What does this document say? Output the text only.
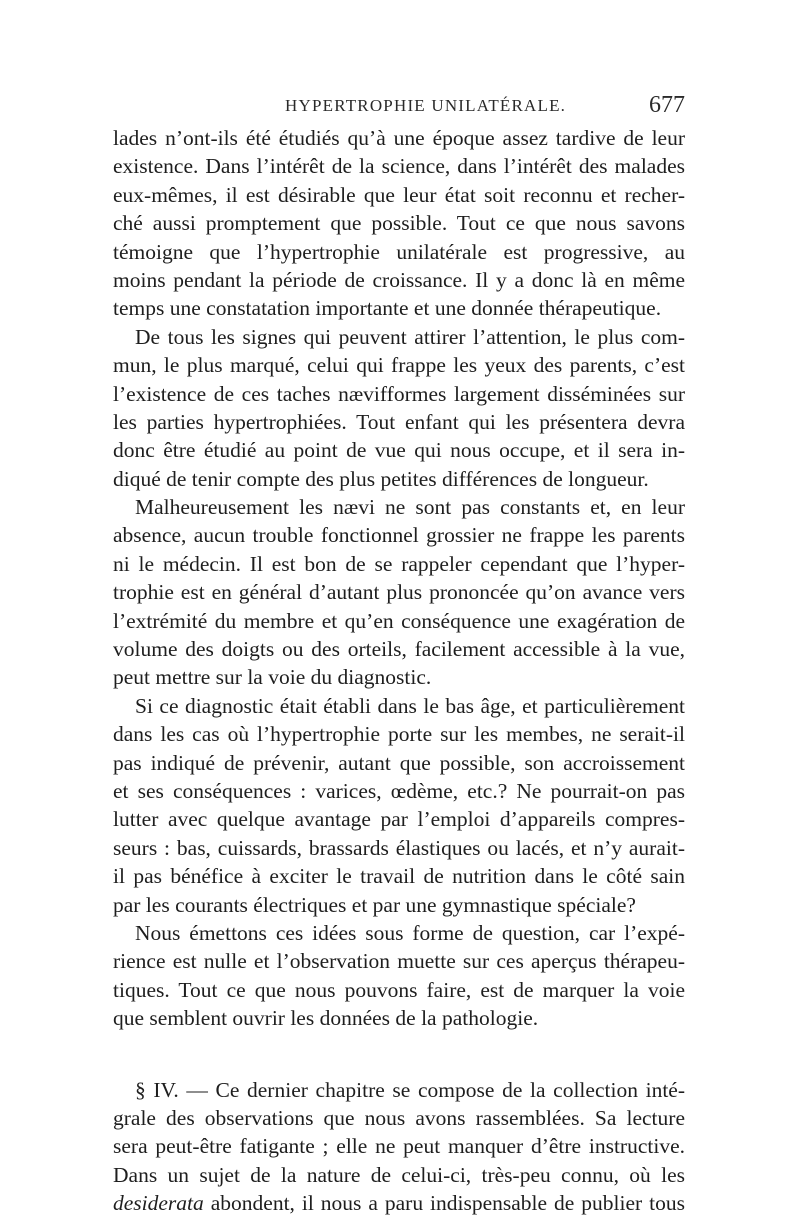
HYPERTROPHIE UNILATÉRALE.	677
lades n’ont-ils été étudiés qu’à une époque assez tardive de leur
existence. Dans l’intérêt de la science, dans l’intérêt des malades
eux-mêmes, il est désirable que leur état soit reconnu et recher-
ché aussi promptement que possible. Tout ce que nous savons
témoigne que l’hypertrophie unilatérale est progressive, au
moins pendant la période de croissance. Il y a donc là en même
temps une constatation importante et une donnée thérapeutique.
De tous les signes qui peuvent attirer l’attention, le plus com-
mun, le plus marqué, celui qui frappe les yeux des parents, c’est
l’existence de ces taches nævifformes largement disséminées sur
les parties hypertrophiées. Tout enfant qui les présentera devra
donc être étudié au point de vue qui nous occupe, et il sera in-
diqué de tenir compte des plus petites différences de longueur.
Malheureusement les nævi ne sont pas constants et, en leur
absence, aucun trouble fonctionnel grossier ne frappe les parents
ni le médecin. Il est bon de se rappeler cependant que l’hyper-
trophie est en général d’autant plus prononcée qu’on avance vers
l’extrémité du membre et qu’en conséquence une exagération de
volume des doigts ou des orteils, facilement accessible à la vue,
peut mettre sur la voie du diagnostic.
Si ce diagnostic était établi dans le bas âge, et particulièrement
dans les cas où l’hypertrophie porte sur les membes, ne serait-il
pas indiqué de prévenir, autant que possible, son accroissement
et ses conséquences : varices, œdème, etc.? Ne pourrait-on pas
lutter avec quelque avantage par l’emploi d’appareils compres-
seurs : bas, cuissards, brassards élastiques ou lacés, et n’y aurait-
il pas bénéfice à exciter le travail de nutrition dans le côté sain
par les courants électriques et par une gymnastique spéciale?
Nous émettons ces idées sous forme de question, car l’expé-
rience est nulle et l’observation muette sur ces aperçus thérapeu-
tiques. Tout ce que nous pouvons faire, est de marquer la voie
que semblent ouvrir les données de la pathologie.
§ IV. — Ce dernier chapitre se compose de la collection inté-
grale des observations que nous avons rassemblées. Sa lecture
sera peut-être fatigante ; elle ne peut manquer d’être instructive.
Dans un sujet de la nature de celui-ci, très-peu connu, où les
desiderata abondent, il nous a paru indispensable de publier tous
